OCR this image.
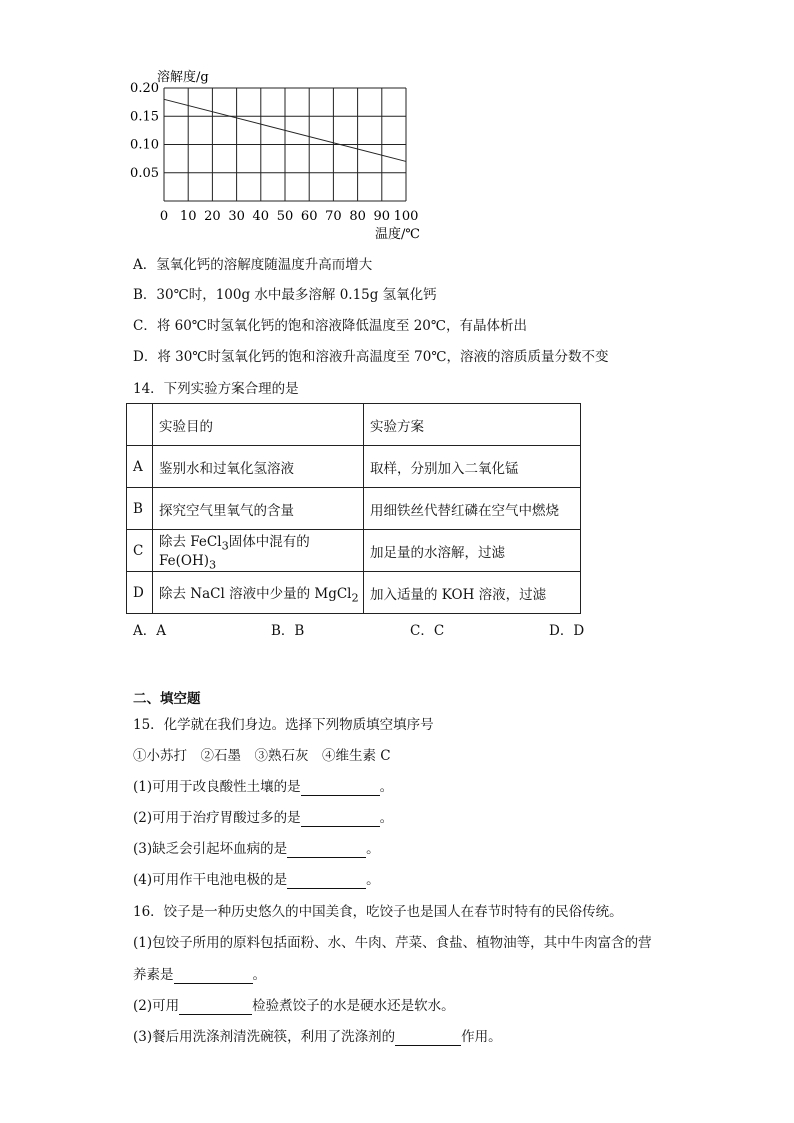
溶解度/g
0.20
0.15
0.10
0.05
0 10 20 30 40 50 60 70 80 90 100
温度/℃
A．氢氧化钙的溶解度随温度升高而增大
B．30℃时，100g 水中最多溶解 0.15g 氢氧化钙
C．将 60℃时氢氧化钙的饱和溶液降低温度至 20℃，有晶体析出
D．将 30℃时氢氧化钙的饱和溶液升高温度至 70℃，溶液的溶质质量分数不变
14．下列实验方案合理的是
	实验目的	实验方案
A	鉴别水和过氧化氢溶液	取样，分别加入二氧化锰
B	探究空气里氧气的含量	用细铁丝代替红磷在空气中燃烧
C	除去 FeCl$_3$固体中混有的 $Fe(OH)_3$	加足量的水溶解，过滤
D	除去 NaCl 溶液中少量的 MgCl$_2$	加入适量的 KOH 溶液，过滤
A．A	B．B	C．C	D．D
二、填空题
15．化学就在我们身边。选择下列物质填空填序号
①小苏打　②石墨　③熟石灰　④维生素 C
(1)可用于改良酸性土壤的是	。
(2)可用于治疗胃酸过多的是	。
(3)缺乏会引起坏血病的是	。
(4)可用作干电池电极的是	。
16．饺子是一种历史悠久的中国美食，吃饺子也是国人在春节时特有的民俗传统。
(1)包饺子所用的原料包括面粉、水、牛肉、芹菜、食盐、植物油等，其中牛肉富含的营
养素是	。
(2)可用	检验煮饺子的水是硬水还是软水。
(3)餐后用洗涤剂清洗碗筷，利用了洗涤剂的	作用。
